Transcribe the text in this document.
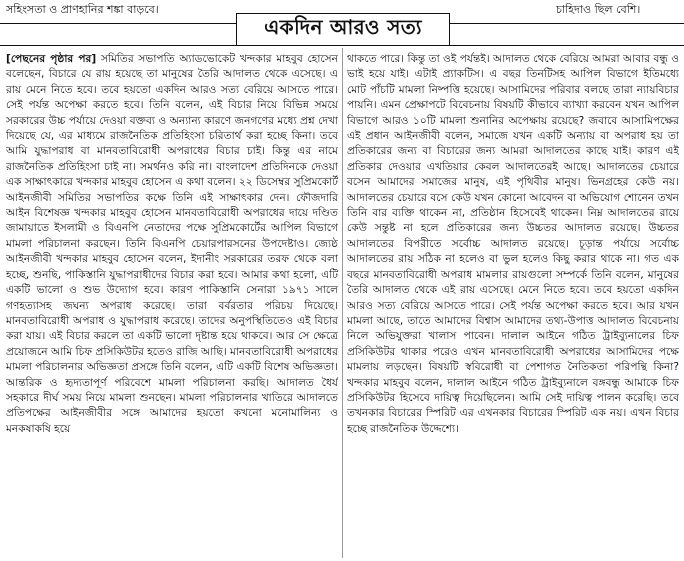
সহিংসতা ও প্রাণহানির শঙ্কা বাড়বে।	চাহিদাও ছিল বেশি।
একদিন আরও সত্য

[পেছনের পৃষ্ঠার পর] সমিতির সভাপতি অ্যাডভোকেট খন্দকার মাহবুব হোসেন বলেছেন, বিচারে যে রায় হয়েছে তা মানুষের তৈরি আদালত থেকে এসেছে। এ রায় মেনে নিতে হবে। তবে হয়তো একদিন আরও সত্য বেরিয়ে আসতে পারে। সেই পর্যন্ত অপেক্ষা করতে হবে। তিনি বলেন, এই বিচার নিয়ে বিভিন্ন সময়ে সরকারের উচ্চ পর্যায়ে দেওয়া বক্তব্য ও অন্যান্য কারণে জনগণের মধ্যে প্রশ্ন দেখা দিয়েছে যে, এর মাধ্যমে রাজনৈতিক প্রতিহিংসা চরিতার্থ করা হচ্ছে কিনা। তবে আমি যুদ্ধাপরাধ বা মানবতাবিরোধী অপরাধের বিচার চাই। কিন্তু এর নামে রাজনৈতিক প্রতিহিংসা চাই না। সমর্থনও করি না। বাংলাদেশ প্রতিদিনকে দেওয়া এক সাক্ষাৎকারে খন্দকার মাহবুব হোসেন এ কথা বলেন। ২২ ডিসেম্বর সুপ্রিমকোর্ট আইনজীবী সমিতির সভাপতির কক্ষে তিনি এই সাক্ষাৎকার দেন। ফৌজদারি আইন বিশেষজ্ঞ খন্দকার মাহবুব হোসেন মানবতাবিরোধী অপরাধের দায়ে দণ্ডিত জামায়াতে ইসলামী ও বিএনপি নেতাদের পক্ষে সুপ্রিমকোর্টের আপিল বিভাগে মামলা পরিচালনা করছেন। তিনি বিএনপি চেয়ারপারসনের উপদেষ্টাও। জ্যেষ্ঠ আইনজীবী খন্দকার মাহবুব হোসেন বলেন, ইদানীং সরকারের তরফ থেকে বলা হচ্ছে, শুনছি, পাকিস্তানি যুদ্ধাপরাধীদের বিচার করা হবে। আমার কথা হলো, এটি একটি ভালো ও শুভ উদ্যোগ হবে। কারণ পাকিস্তানি সেনারা ১৯৭১ সালে গণহত্যাসহ জঘন্য অপরাধ করেছে। তারা বর্বরতার পরিচয় দিয়েছে। মানবতাবিরোধী অপরাধ ও যুদ্ধাপরাধ করেছে। তাদের অনুপস্থিতিতেও এই বিচার করা যায়। এই বিচার করলে তা একটি ভালো দৃষ্টান্ত হয়ে থাকবে। আর সে ক্ষেত্রে প্রয়োজনে আমি চিফ প্রসিকিউটর হতেও রাজি আছি। মানবতাবিরোধী অপরাধের মামলা পরিচালনার অভিজ্ঞতা প্রসঙ্গে তিনি বলেন, এটি একটি বিশেষ অভিজ্ঞতা। আন্তরিক ও হৃদ্যতাপূর্ণ পরিবেশে মামলা পরিচালনা করছি। আদালত ধৈর্য সহকারে দীর্ঘ সময় নিয়ে মামলা শুনছেন। মামলা পরিচালনার খাতিরে আদালতে প্রতিপক্ষের আইনজীবীর সঙ্গে আমাদের হয়তো কখনো মনোমালিন্য ও মনকষাকষি হয়ে

থাকতে পারে। কিন্তু তা ওই পর্যন্তই। আদালত থেকে বেরিয়ে আমরা আবার বন্ধু ও ভাই হয়ে যাই। এটাই প্র্যাকটিস। এ বছর তিনটিসহ আপিল বিভাগে ইতিমধ্যে মোট পাঁচটি মামলা নিষ্পত্তি হয়েছে। আসামিদের পরিবার বলছে তারা ন্যায়বিচার পায়নি। এমন প্রেক্ষাপটে বিবেচনায় বিষয়টি কীভাবে ব্যাখ্যা করবেন যখন আপিল বিভাগে আরও ১০টি মামলা শুনানির অপেক্ষায় রয়েছে? জবাবে আসামিপক্ষের এই প্রধান আইনজীবী বলেন, সমাজে যখন একটি অন্যায় বা অপরাধ হয় তা প্রতিকারের জন্য বা বিচারের জন্য আমরা আদালতের কাছে যাই। কারণ এই প্রতিকার দেওয়ার এখতিয়ার কেবল আদালতেরই আছে। আদালতের চেয়ারে বসেন আমাদের সমাজের মানুষ, এই পৃথিবীর মানুষ। ভিনগ্রহের কেউ নয়। আদালতের চেয়ারে বসে কেউ যখন কোনো আবেদন বা অভিযোগ শোনেন তখন তিনি বার ব্যক্তি থাকেন না, প্রতিষ্ঠান হিসেবেই থাকেন। নিম্ন আদালতের রায়ে কেউ সন্তুষ্ট না হলে প্রতিকারের জন্য উচ্চতর আদালত রয়েছে। উচ্চতর আদালতের বিপরীতে সর্বোচ্চ আদালত রয়েছে। চূড়ান্ত পর্যায়ে সর্বোচ্চ আদালতের রায় সঠিক না হলেও বা ভুল হলেও কিছু করার থাকে না। গত এক বছরে মানবতাবিরোধী অপরাধ মামলার রায়গুলো সম্পর্কে তিনি বলেন, মানুষের তৈরি আদালত থেকে এই রায় এসেছে। মেনে নিতে হবে। তবে হয়তো একদিন আরও সত্য বেরিয়ে আসতে পারে। সেই পর্যন্ত অপেক্ষা করতে হবে। আর যখন মামলা আছে, তাতে আমাদের বিশ্বাস আমাদের তথ্য-উপাত্ত আদালত বিবেচনায় নিলে অভিযুক্তরা খালাস পাবেন। দালাল আইনে গঠিত ট্রাইব্যুনালের চিফ প্রসিকিউটর থাকার পরেও এখন মানবতাবিরোধী অপরাধের আসামিদের পক্ষে মামলায় লড়ছেন। বিষয়টি স্ববিরোধী বা পেশাগত নৈতিকতা পরিপন্থি কিনা? খন্দকার মাহবুব বলেন, দালাল আইনে গঠিত ট্রাইব্যুনালে বঙ্গবন্ধু আমাকে চিফ প্রসিকিউটর হিসেবে দায়িত্ব দিয়েছিলেন। আমি সেই দায়িত্ব পালন করেছি। তবে তখনকার বিচারের স্পিরিট এর এখনকার বিচারের স্পিরিট এক নয়। এখন বিচার হচ্ছে রাজনৈতিক উদ্দেশ্যে।
